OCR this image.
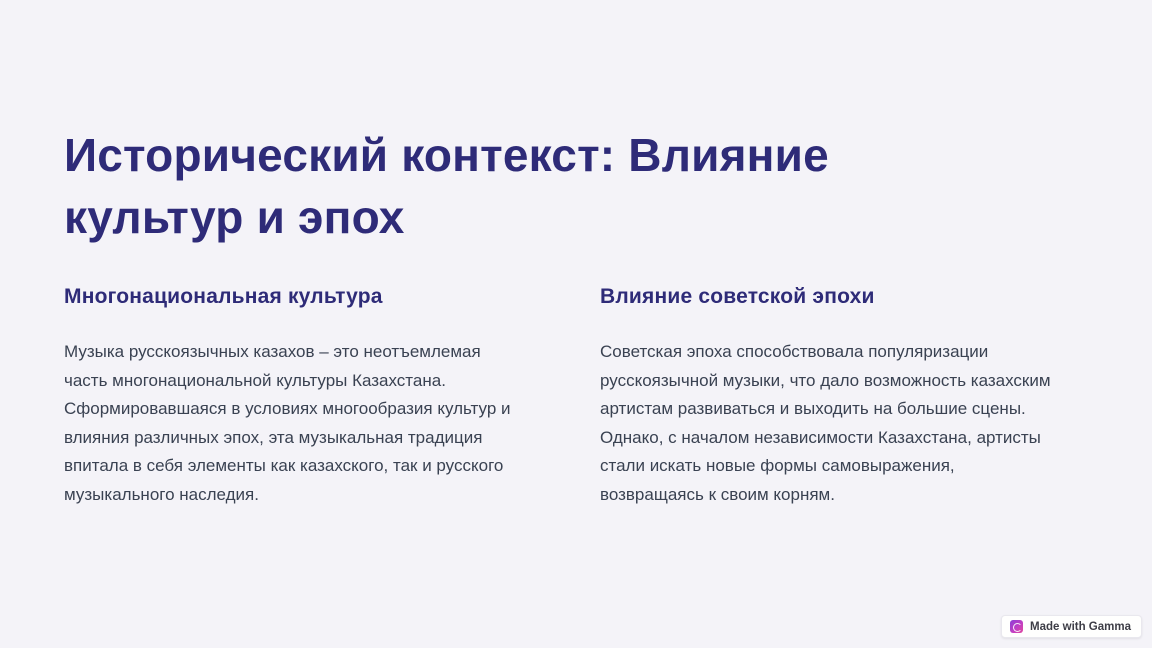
Исторический контекст: Влияние культур и эпох
Многонациональная культура

Музыка русскоязычных казахов – это неотъемлемая часть многонациональной культуры Казахстана. Сформировавшаяся в условиях многообразия культур и влияния различных эпох, эта музыкальная традиция впитала в себя элементы как казахского, так и русского музыкального наследия.

Влияние советской эпохи

Советская эпоха способствовала популяризации русскоязычной музыки, что дало возможность казахским артистам развиваться и выходить на большие сцены. Однако, с началом независимости Казахстана, артисты стали искать новые формы самовыражения, возвращаясь к своим корням.

Made with Gamma
